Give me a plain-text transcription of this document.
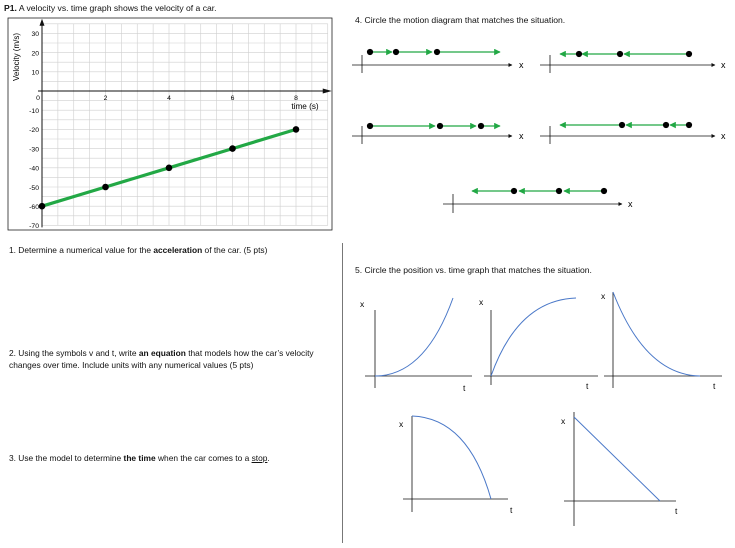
P1. A velocity vs. time graph shows the velocity of a car.
30
20
10
-10
-20
-30
-40
-50
-60
-70
0	2	4	6	8
Velocity (m/s)
time (s)
1. Determine a numerical value for the acceleration of the car. (5 pts)
2. Using the symbols v and t, write an equation that models how the car’s velocity changes over time. Include units with any numerical values (5 pts)
3. Use the model to determine the time when the car comes to a stop.
4. Circle the motion diagram that matches the situation.
x	x
x	x
x
5. Circle the position vs. time graph that matches the situation.
x
t
x
t
x
t
x
t
x
t
